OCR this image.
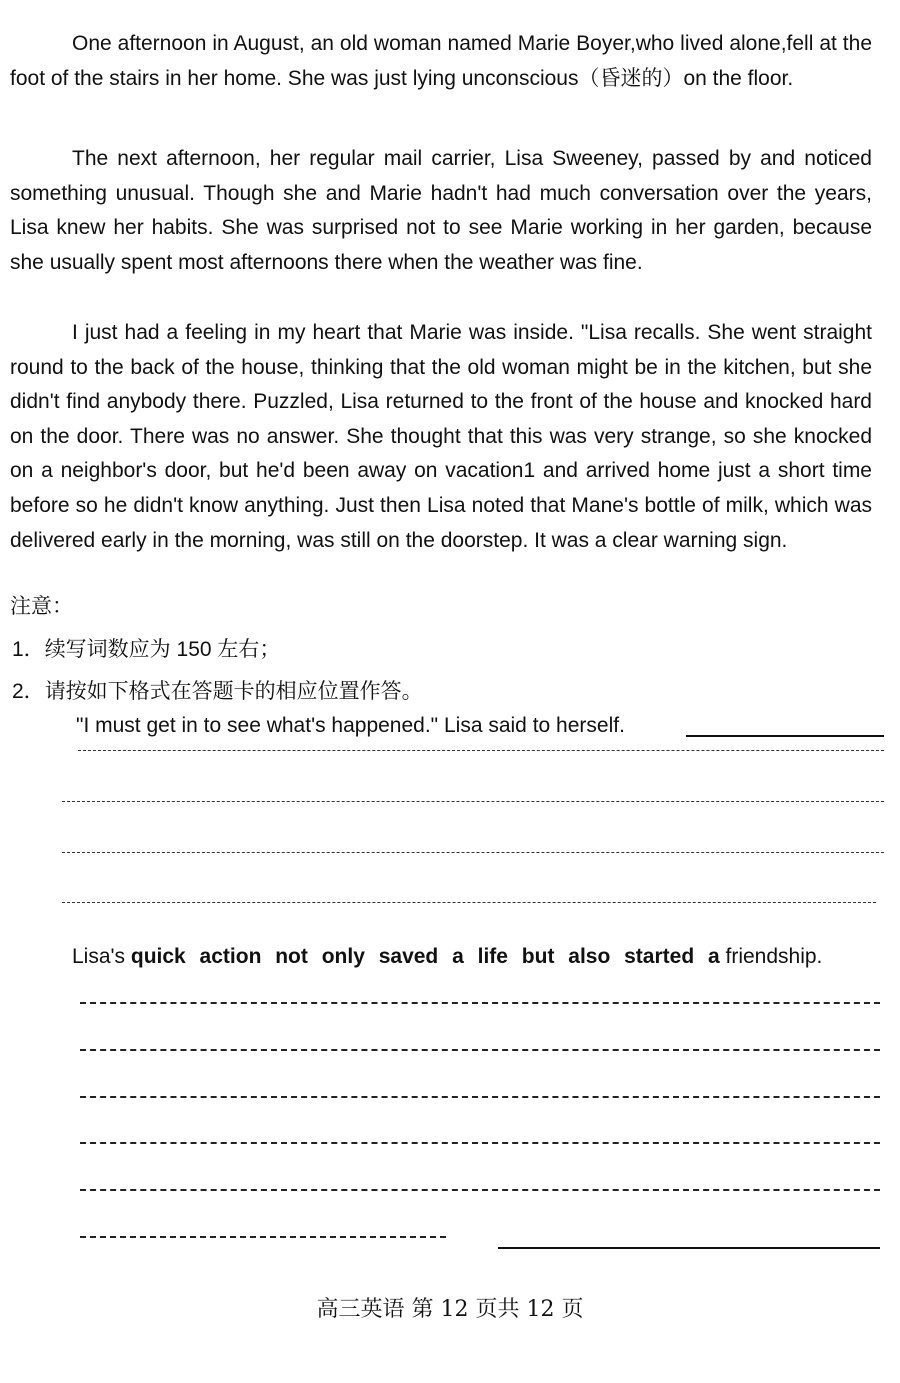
One afternoon in August, an old woman named Marie Boyer,who lived alone,fell at the foot of the stairs in her home. She was just lying unconscious（昏迷的）on the floor.

The next afternoon, her regular mail carrier, Lisa Sweeney, passed by and noticed something unusual. Though she and Marie hadn't had much conversation over the years, Lisa knew her habits. She was surprised not to see Marie working in her garden, because she usually spent most afternoons there when the weather was fine.

I just had a feeling in my heart that Marie was inside. "Lisa recalls. She went straight round to the back of the house, thinking that the old woman might be in the kitchen, but she didn't find anybody there. Puzzled, Lisa returned to the front of the house and knocked hard on the door. There was no answer. She thought that this was very strange, so she knocked on a neighbor's door, but he'd been away on vacation1 and arrived home just a short time before so he didn't know anything. Just then Lisa noted that Mane's bottle of milk, which was delivered early in the morning, was still on the doorstep. It was a clear warning sign.

注意：
1．续写词数应为 150 左右；
2．请按如下格式在答题卡的相应位置作答。
"I must get in to see what's happened." Lisa said to herself.
Lisa's quick action not only saved a life but also started a friendship.
高三英语 第 12 页共 12 页
